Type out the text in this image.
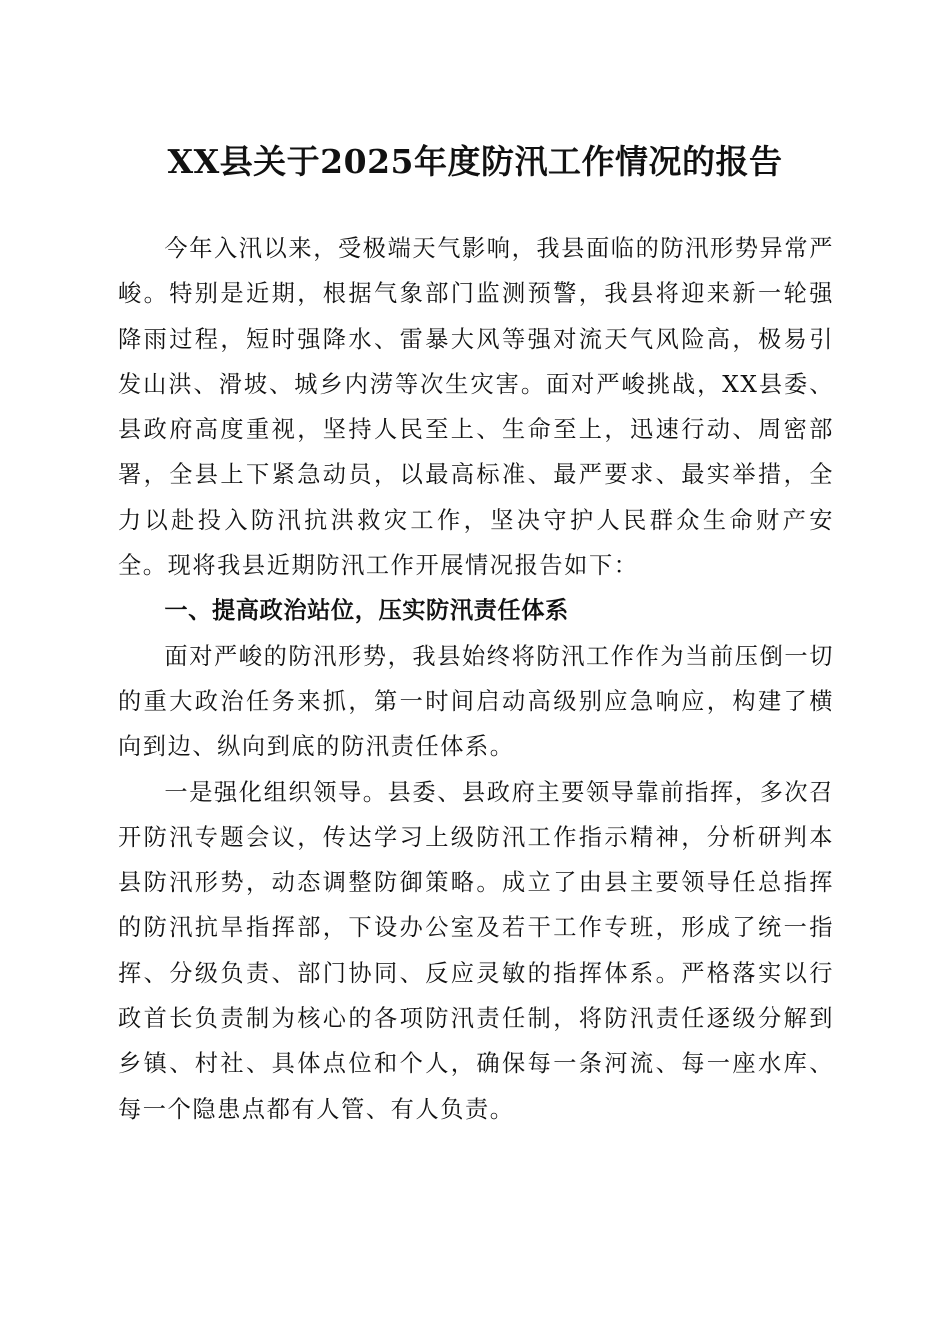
XX县关于2025年度防汛工作情况的报告

今年入汛以来，受极端天气影响，我县面临的防汛形势异常严峻。特别是近期，根据气象部门监测预警，我县将迎来新一轮强降雨过程，短时强降水、雷暴大风等强对流天气风险高，极易引发山洪、滑坡、城乡内涝等次生灾害。面对严峻挑战，XX县委、县政府高度重视，坚持人民至上、生命至上，迅速行动、周密部署，全县上下紧急动员，以最高标准、最严要求、最实举措，全力以赴投入防汛抗洪救灾工作，坚决守护人民群众生命财产安全。现将我县近期防汛工作开展情况报告如下：

一、提高政治站位，压实防汛责任体系

面对严峻的防汛形势，我县始终将防汛工作作为当前压倒一切的重大政治任务来抓，第一时间启动高级别应急响应，构建了横向到边、纵向到底的防汛责任体系。

一是强化组织领导。县委、县政府主要领导靠前指挥，多次召开防汛专题会议，传达学习上级防汛工作指示精神，分析研判本县防汛形势，动态调整防御策略。成立了由县主要领导任总指挥的防汛抗旱指挥部，下设办公室及若干工作专班，形成了统一指挥、分级负责、部门协同、反应灵敏的指挥体系。严格落实以行政首长负责制为核心的各项防汛责任制，将防汛责任逐级分解到乡镇、村社、具体点位和个人，确保每一条河流、每一座水库、每一个隐患点都有人管、有人负责。
